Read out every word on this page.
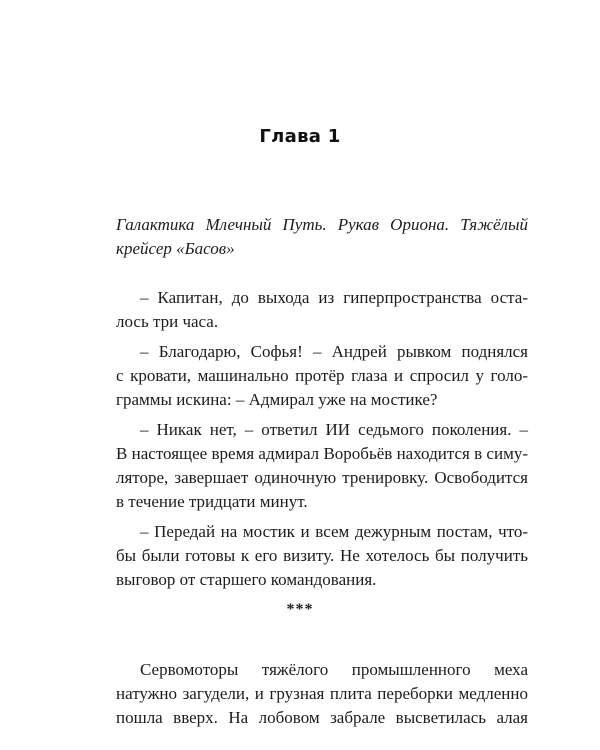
Глава 1
Галактика Млечный Путь. Рукав Ориона. Тяжёлый
крейсер «Басов»
– Капитан, до выхода из гиперпространства оста-
лось три часа.
– Благодарю, Софья! – Андрей рывком поднялся
с кровати, машинально протёр глаза и спросил у голо-
граммы искина: – Адмирал уже на мостике?
– Никак нет, – ответил ИИ седьмого поколения. –
В настоящее время адмирал Воробьёв находится в симу-
ляторе, завершает одиночную тренировку. Освободится
в течение тридцати минут.
– Передай на мостик и всем дежурным постам, что-
бы были готовы к его визиту. Не хотелось бы получить
выговор от старшего командования.
***
Сервомоторы тяжёлого промышленного меха
натужно загудели, и грузная плита переборки медленно
пошла вверх. На лобовом забрале высветилась алая
